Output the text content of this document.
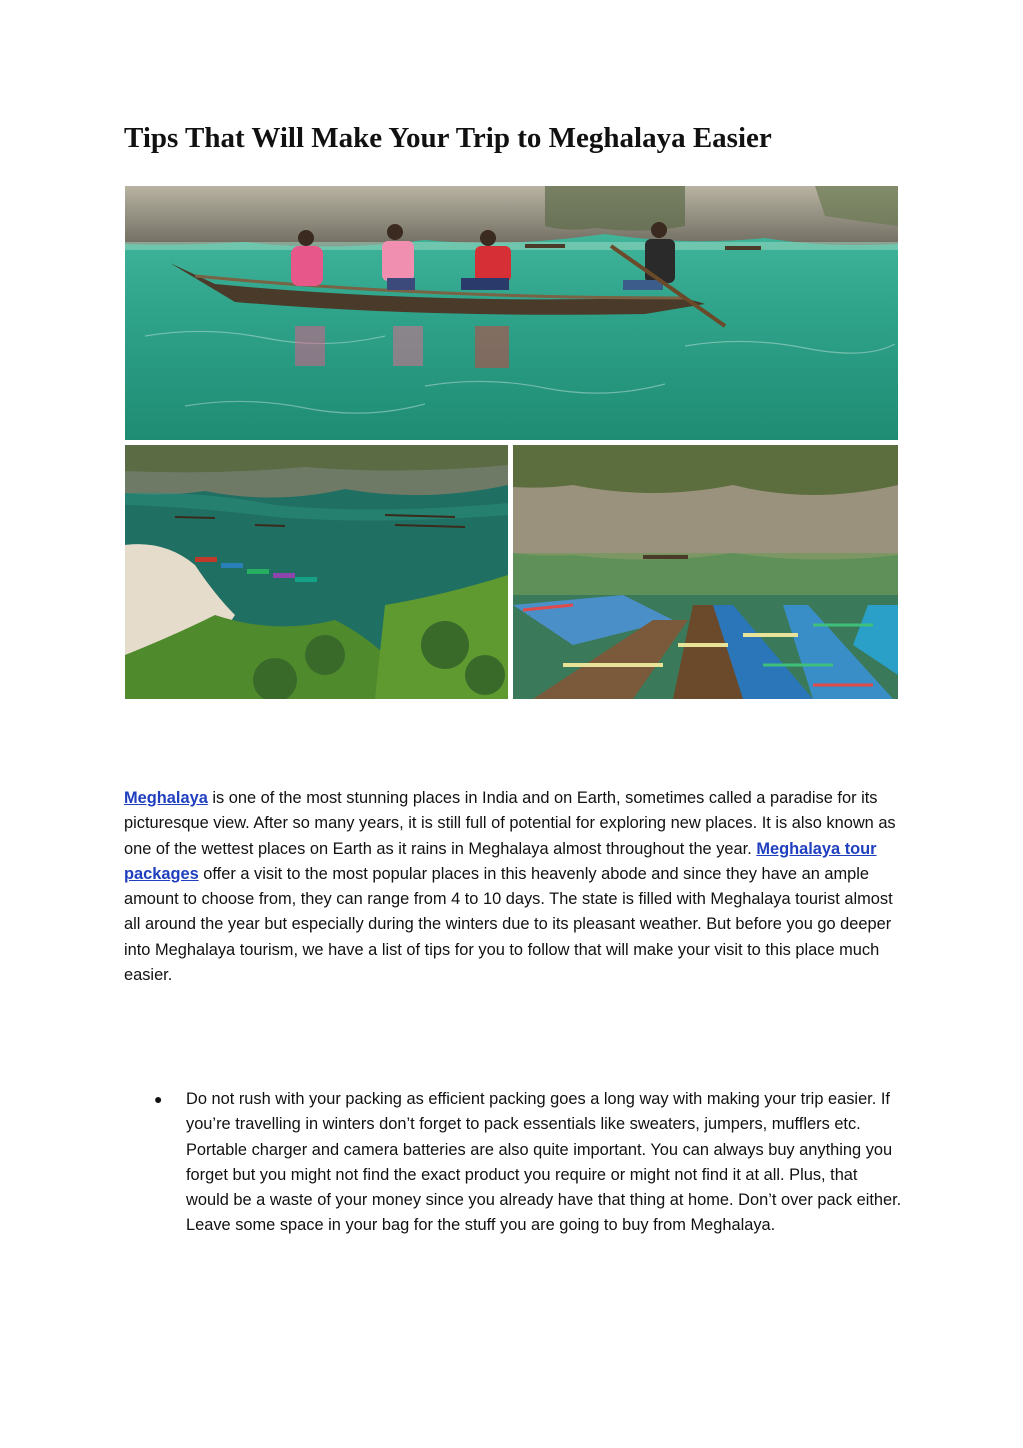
Tips That Will Make Your Trip to Meghalaya Easier

Meghalaya is one of the most stunning places in India and on Earth, sometimes called a paradise for its picturesque view. After so many years, it is still full of potential for exploring new places. It is also known as one of the wettest places on Earth as it rains in Meghalaya almost throughout the year. Meghalaya tour packages offer a visit to the most popular places in this heavenly abode and since they have an ample amount to choose from, they can range from 4 to 10 days. The state is filled with Meghalaya tourist almost all around the year but especially during the winters due to its pleasant weather. But before you go deeper into Meghalaya tourism, we have a list of tips for you to follow that will make your visit to this place much easier.

● Do not rush with your packing as efficient packing goes a long way with making your trip easier. If you’re travelling in winters don’t forget to pack essentials like sweaters, jumpers, mufflers etc. Portable charger and camera batteries are also quite important. You can always buy anything you forget but you might not find the exact product you require or might not find it at all. Plus, that would be a waste of your money since you already have that thing at home. Don’t over pack either. Leave some space in your bag for the stuff you are going to buy from Meghalaya.
